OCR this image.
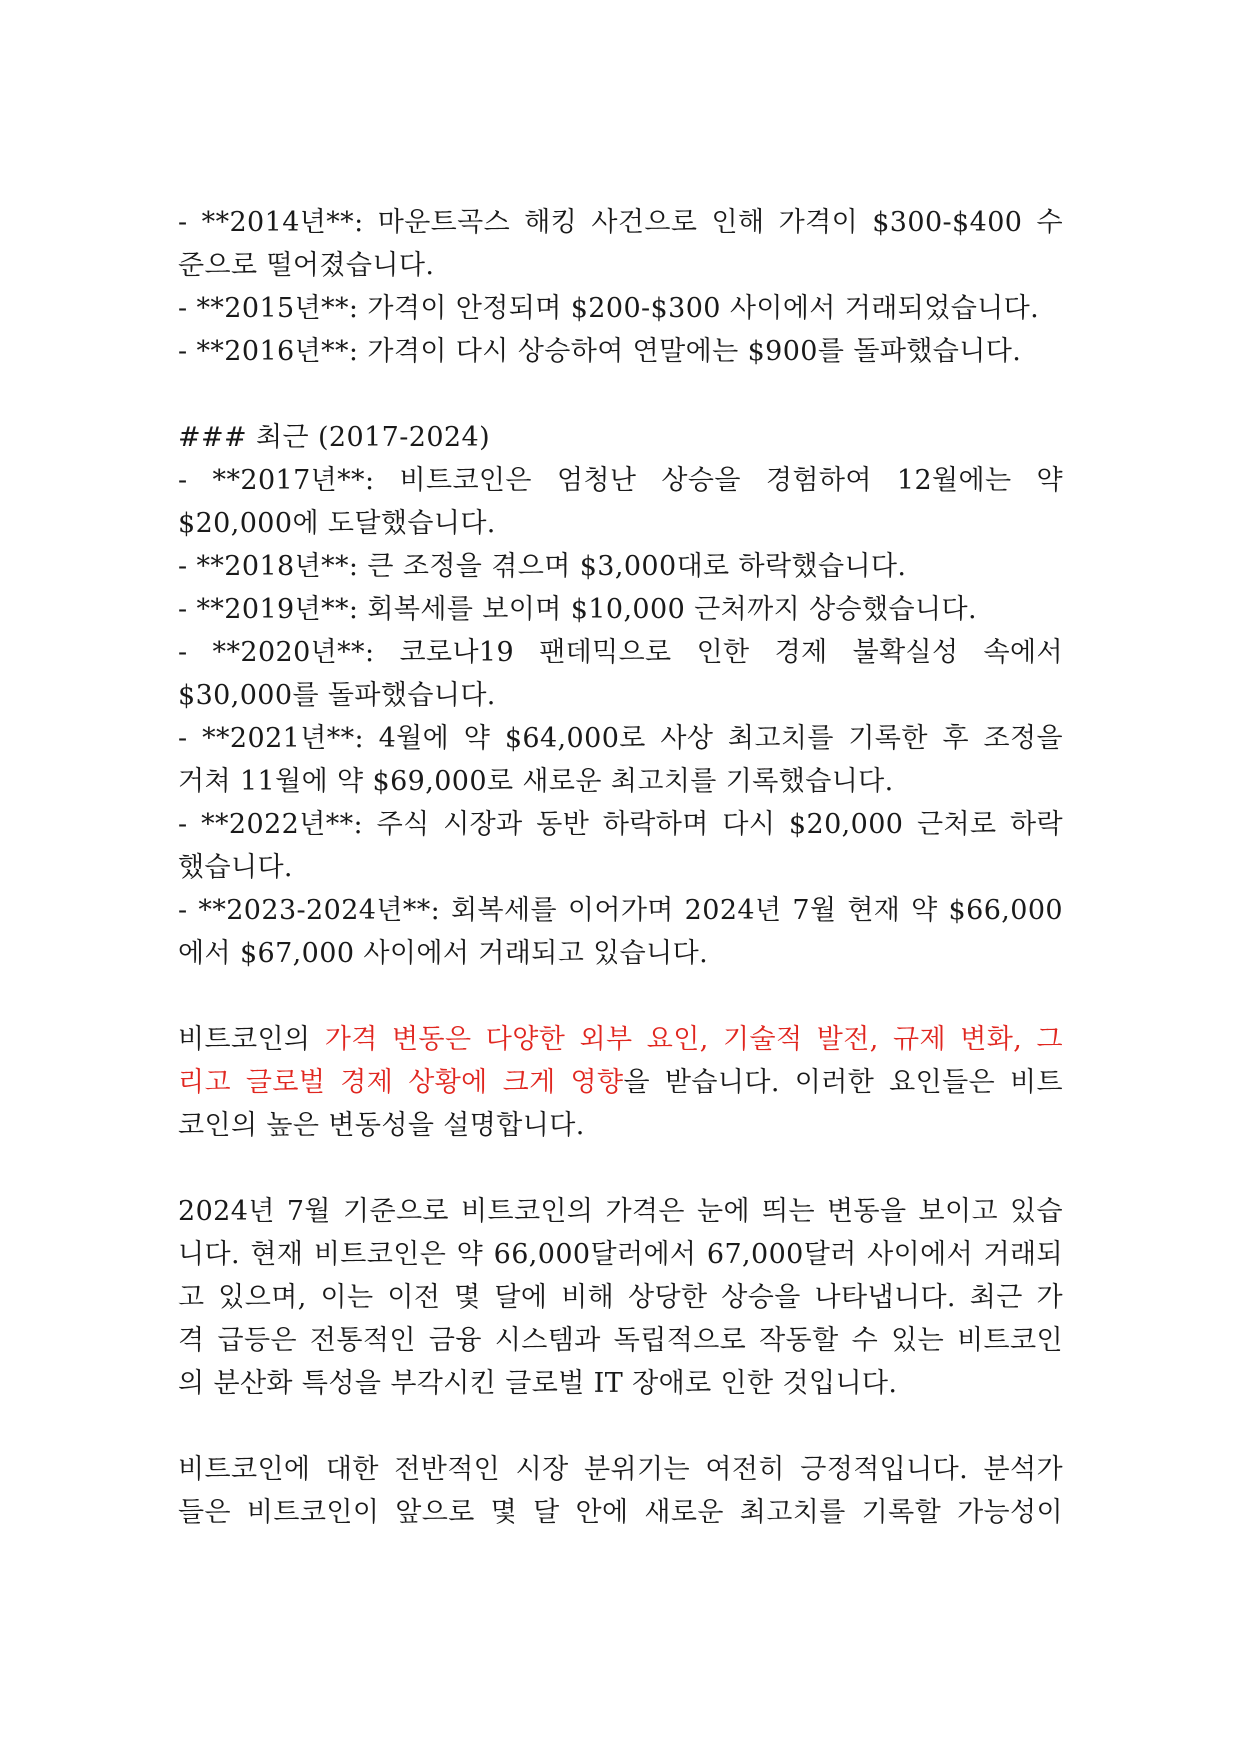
- **2014년**: 마운트곡스 해킹 사건으로 인해 가격이 $300-$400 수
준으로 떨어졌습니다.
- **2015년**: 가격이 안정되며 $200-$300 사이에서 거래되었습니다.
- **2016년**: 가격이 다시 상승하여 연말에는 $900를 돌파했습니다.
### 최근 (2017-2024)
- **2017년**: 비트코인은 엄청난 상승을 경험하여 12월에는 약
$20,000에 도달했습니다.
- **2018년**: 큰 조정을 겪으며 $3,000대로 하락했습니다.
- **2019년**: 회복세를 보이며 $10,000 근처까지 상승했습니다.
- **2020년**: 코로나19 팬데믹으로 인한 경제 불확실성 속에서
$30,000를 돌파했습니다.
- **2021년**: 4월에 약 $64,000로 사상 최고치를 기록한 후 조정을
거쳐 11월에 약 $69,000로 새로운 최고치를 기록했습니다.
- **2022년**: 주식 시장과 동반 하락하며 다시 $20,000 근처로 하락
했습니다.
- **2023-2024년**: 회복세를 이어가며 2024년 7월 현재 약 $66,000
에서 $67,000 사이에서 거래되고 있습니다.

비트코인의 가격 변동은 다양한 외부 요인, 기술적 발전, 규제 변화, 그
리고 글로벌 경제 상황에 크게 영향을 받습니다. 이러한 요인들은 비트
코인의 높은 변동성을 설명합니다.

2024년 7월 기준으로 비트코인의 가격은 눈에 띄는 변동을 보이고 있습
니다. 현재 비트코인은 약 66,000달러에서 67,000달러 사이에서 거래되
고 있으며, 이는 이전 몇 달에 비해 상당한 상승을 나타냅니다. 최근 가
격 급등은 전통적인 금융 시스템과 독립적으로 작동할 수 있는 비트코인
의 분산화 특성을 부각시킨 글로벌 IT 장애로 인한 것입니다.

비트코인에 대한 전반적인 시장 분위기는 여전히 긍정적입니다. 분석가
들은 비트코인이 앞으로 몇 달 안에 새로운 최고치를 기록할 가능성이
